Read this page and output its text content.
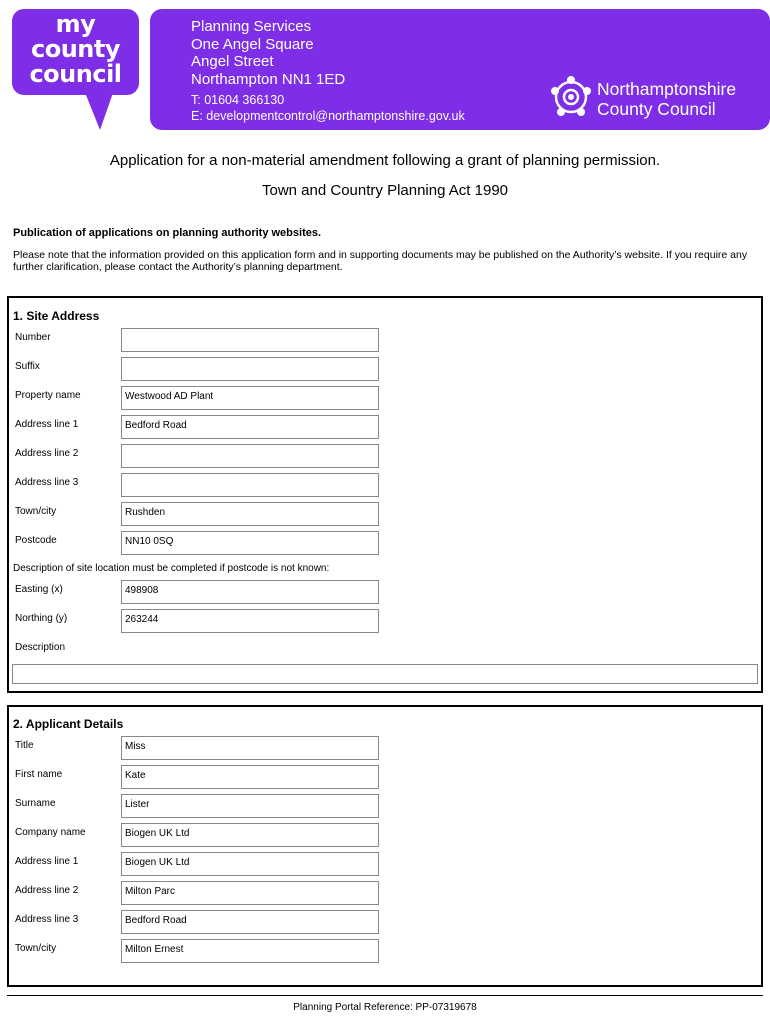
my
county
council
Planning Services
One Angel Square
Angel Street
Northampton NN1 1ED
T: 01604 366130
E: developmentcontrol@northamptonshire.gov.uk
Northamptonshire
County Council
Application for a non-material amendment following a grant of planning permission.
Town and Country Planning Act 1990
Publication of applications on planning authority websites.
Please note that the information provided on this application form and in supporting documents may be published on the Authority’s website. If you require any further clarification, please contact the Authority’s planning department.
1. Site Address
Number
Suffix
Property name	Westwood AD Plant
Address line 1	Bedford Road
Address line 2
Address line 3
Town/city	Rushden
Postcode	NN10 0SQ
Description of site location must be completed if postcode is not known:
Easting (x)	498908
Northing (y)	263244
Description
2. Applicant Details
Title	Miss
First name	Kate
Surname	Lister
Company name	Biogen UK Ltd
Address line 1	Biogen UK Ltd
Address line 2	Milton Parc
Address line 3	Bedford Road
Town/city	Milton Ernest
Planning Portal Reference: PP-07319678
